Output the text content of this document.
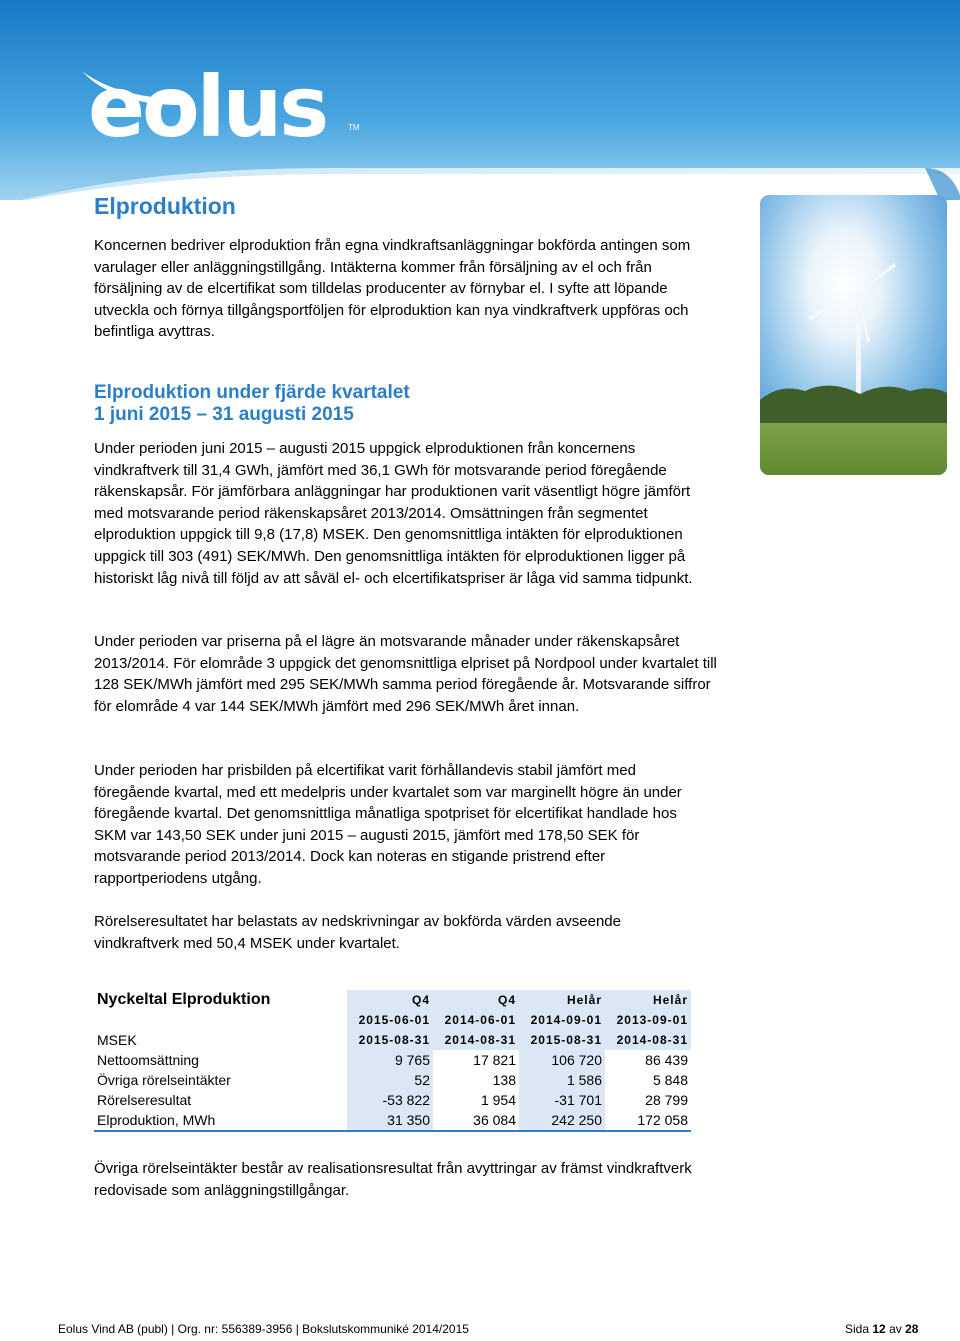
eolus	TM
Elproduktion

Koncernen bedriver elproduktion från egna vindkraftsanläggningar bokförda antingen som varulager eller anläggningstillgång. Intäkterna kommer från försäljning av el och från försäljning av de elcertifikat som tilldelas producenter av förnybar el. I syfte att löpande utveckla och förnya tillgångsportföljen för elproduktion kan nya vindkraftverk uppföras och befintliga avyttras.

Elproduktion under fjärde kvartalet
1 juni 2015 – 31 augusti 2015

Under perioden juni 2015 – augusti 2015 uppgick elproduktionen från koncernens vindkraftverk till 31,4 GWh, jämfört med 36,1 GWh för motsvarande period föregående räkenskapsår. För jämförbara anläggningar har produktionen varit väsentligt högre jämfört med motsvarande period räkenskapsåret 2013/2014. Omsättningen från segmentet elproduktion uppgick till 9,8 (17,8) MSEK. Den genomsnittliga intäkten för elproduktionen uppgick till 303 (491) SEK/MWh. Den genomsnittliga intäkten för elproduktionen ligger på historiskt låg nivå till följd av att såväl el- och elcertifikatspriser är låga vid samma tidpunkt.

Under perioden var priserna på el lägre än motsvarande månader under räkenskapsåret 2013/2014. För elområde 3 uppgick det genomsnittliga elpriset på Nordpool under kvartalet till 128 SEK/MWh jämfört med 295 SEK/MWh samma period föregående år. Motsvarande siffror för elområde 4 var 144 SEK/MWh jämfört med 296 SEK/MWh året innan.

Under perioden har prisbilden på elcertifikat varit förhållandevis stabil jämfört med föregående kvartal, med ett medelpris under kvartalet som var marginellt högre än under föregående kvartal. Det genomsnittliga månatliga spotpriset för elcertifikat handlade hos SKM var 143,50 SEK under juni 2015 – augusti 2015, jämfört med 178,50 SEK för motsvarande period 2013/2014. Dock kan noteras en stigande pristrend efter rapportperiodens utgång.

Rörelseresultatet har belastats av nedskrivningar av bokförda värden avseende vindkraftverk med 50,4 MSEK under kvartalet.

Nyckeltal Elproduktion	Q4	Q4	Helår	Helår
	2015-06-01	2014-06-01	2014-09-01	2013-09-01
MSEK	2015-08-31	2014-08-31	2015-08-31	2014-08-31
Nettoomsättning	9 765	17 821	106 720	86 439
Övriga rörelseintäkter	52	138	1 586	5 848
Rörelseresultat	-53 822	1 954	-31 701	28 799
Elproduktion, MWh	31 350	36 084	242 250	172 058

Övriga rörelseintäkter består av realisationsresultat från avyttringar av främst vindkraftverk redovisade som anläggningstillgångar.

Eolus Vind AB (publ) | Org. nr: 556389-3956 | Bokslutskommuniké 2014/2015	Sida 12 av 28
